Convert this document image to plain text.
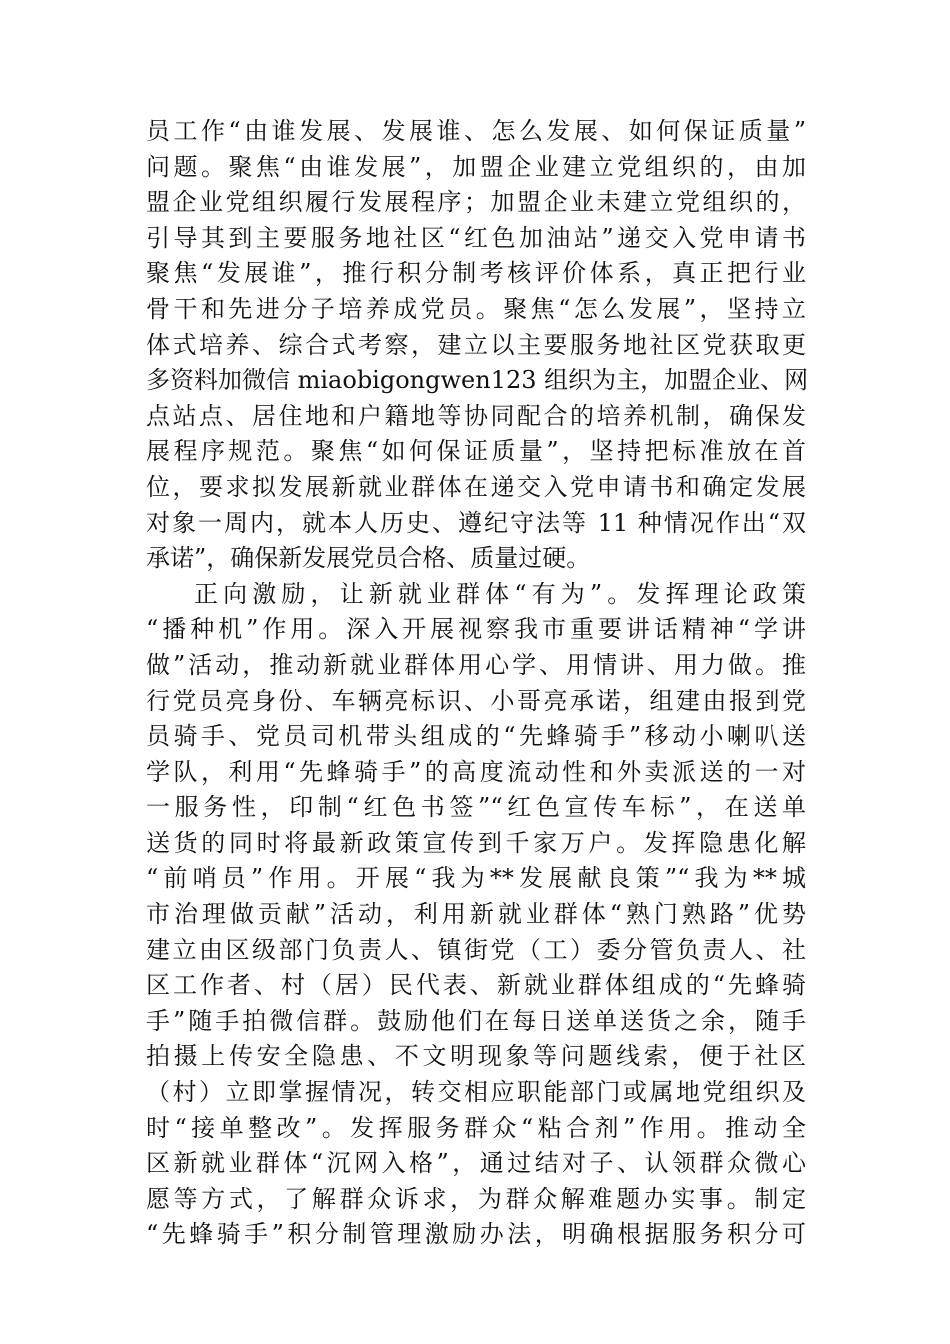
员工作“由谁发展、发展谁、怎么发展、如何保证质量”
问题。聚焦“由谁发展”，加盟企业建立党组织的，由加
盟企业党组织履行发展程序；加盟企业未建立党组织的，
引导其到主要服务地社区“红色加油站”递交入党申请书
聚焦“发展谁”，推行积分制考核评价体系，真正把行业
骨干和先进分子培养成党员。聚焦“怎么发展”，坚持立
体式培养、综合式考察，建立以主要服务地社区党获取更
多资料加微信 miaobigongwen123 组织为主，加盟企业、网
点站点、居住地和户籍地等协同配合的培养机制，确保发
展程序规范。聚焦“如何保证质量”，坚持把标准放在首
位，要求拟发展新就业群体在递交入党申请书和确定发展
对象一周内，就本人历史、遵纪守法等 11 种情况作出“双
承诺”，确保新发展党员合格、质量过硬。
正向激励，让新就业群体“有为”。发挥理论政策
“播种机”作用。深入开展视察我市重要讲话精神“学讲
做”活动，推动新就业群体用心学、用情讲、用力做。推
行党员亮身份、车辆亮标识、小哥亮承诺，组建由报到党
员骑手、党员司机带头组成的“先蜂骑手”移动小喇叭送
学队，利用“先蜂骑手”的高度流动性和外卖派送的一对
一服务性，印制“红色书签”“红色宣传车标”，在送单
送货的同时将最新政策宣传到千家万户。发挥隐患化解
“前哨员”作用。开展“我为**发展献良策”“我为**城
市治理做贡献”活动，利用新就业群体“熟门熟路”优势
建立由区级部门负责人、镇街党（工）委分管负责人、社
区工作者、村（居）民代表、新就业群体组成的“先蜂骑
手”随手拍微信群。鼓励他们在每日送单送货之余，随手
拍摄上传安全隐患、不文明现象等问题线索，便于社区
（村）立即掌握情况，转交相应职能部门或属地党组织及
时“接单整改”。发挥服务群众“粘合剂”作用。推动全
区新就业群体“沉网入格”，通过结对子、认领群众微心
愿等方式，了解群众诉求，为群众解难题办实事。制定
“先蜂骑手”积分制管理激励办法，明确根据服务积分可
